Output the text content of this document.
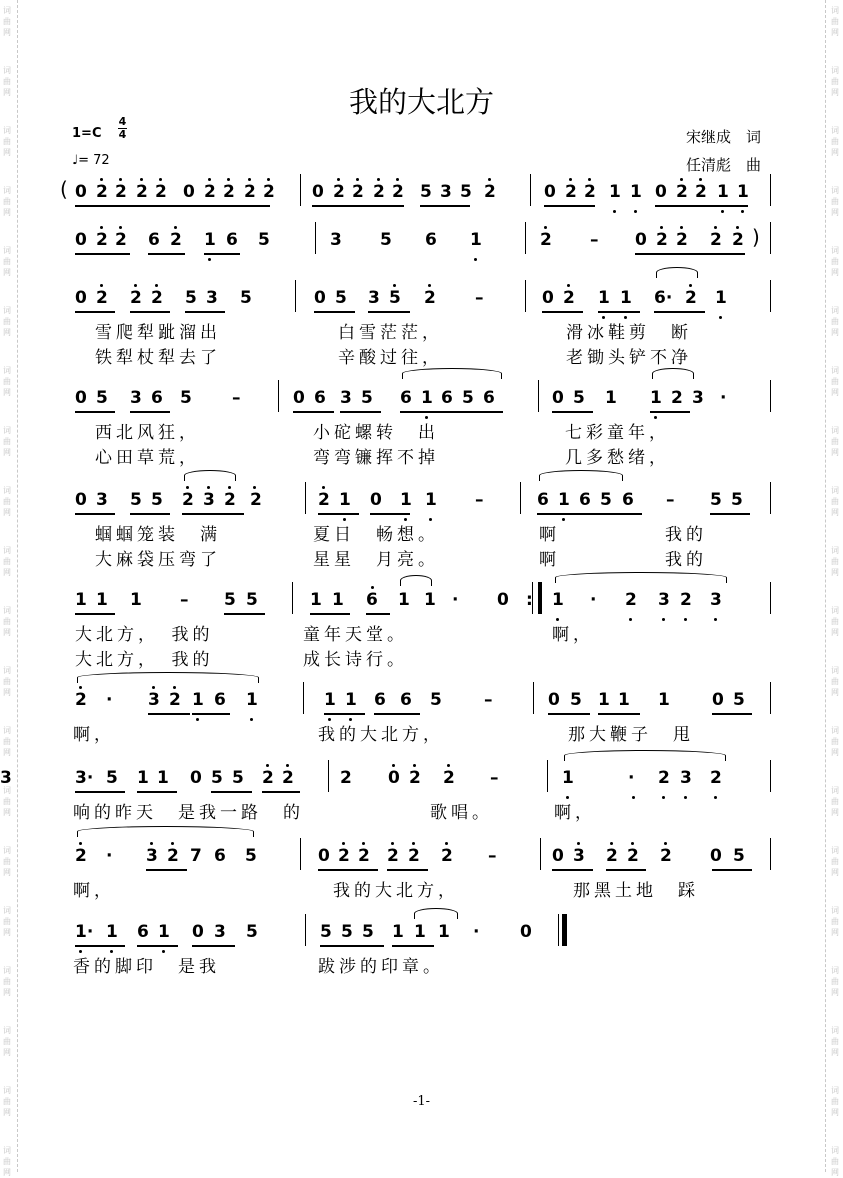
词
曲
网
词
曲
网
词
曲
网
词
曲
网
词
曲
网
词
曲
网
词
曲
网
词
曲
网
词
曲
网
词
曲
网
词
曲
网
词
曲
网
词
曲
网
词
曲
网
词
曲
网
词
曲
网
词
曲
网
词
曲
网
词
曲
网
词
曲
网
词
曲
网
词
曲
网
词
曲
网
词
曲
网
词
曲
网
词
曲
网
词
曲
网
词
曲
网
词
曲
网
词
曲
网
词
曲
网
词
曲
网
词
曲
网
词
曲
网
词
曲
网
词
曲
网
词
曲
网
词
曲
网
词
曲
网
词
曲
网
我的大北方
1=C
4
4
♩= 72
宋继成　词
任清彪　曲
( 0 2 2 2 2 0 2 2 2 2 0 2 2 2 2 5 3 5 2	0 2 2 1 1 0 2 2 1 1
0 2 2 6 2 1 6 5	3 5 6 1	2 – 0 2 2 2 2 )
0 2 2 2 5 3 5	0 5 3 5 2 –	0 2 1 1 6· 2 1
雪爬犁跐溜出	白雪茫茫，	滑冰鞋剪　断
铁犁杖犁去了	辛酸过往，	老锄头铲不净
0 5 3 6 5 –	0 6 3 5 6 1 6 5 6	0 5 1 1 2 3 ·
西北风狂，	小砣螺转　出	七彩童年，
心田草荒，	弯弯镰挥不掉	几多愁绪，
0 3 5 5 2 3 2 2	2 1 0 1 1 –	6 1 6 5 6 – 5 5
蝈蝈笼装　满	夏日　畅想。	啊　　　　　我的
大麻袋压弯了	星星　月亮。	啊　　　　　我的
1 1 1 – 5 5	1 1 6 1 1 · 0	1 · 2 3 2 3
:
大北方，　我的	童年天堂。	啊，
大北方，　我的	成长诗行。
2 · 3 2 1 6 1	1 1 6 6 5 –	0 5 1 1 1 0 5
啊，	我的大北方，	那大鞭子　甩
3· 5 1 1 0 5 5 2 2	2 0 2 2 –	1	· 2 3 2
3
响的昨天　是我一路　的	歌唱。	啊，
2 · 3 2 7 6 5	0 2 2 2 2 2 –	0 3 2 2 2 0 5
啊，	我的大北方，	那黑土地　踩
1· 1 6 1 0 3 5	5 5 5 1 1 1 · 0
香的脚印　是我	跋涉的印章。
-1-
